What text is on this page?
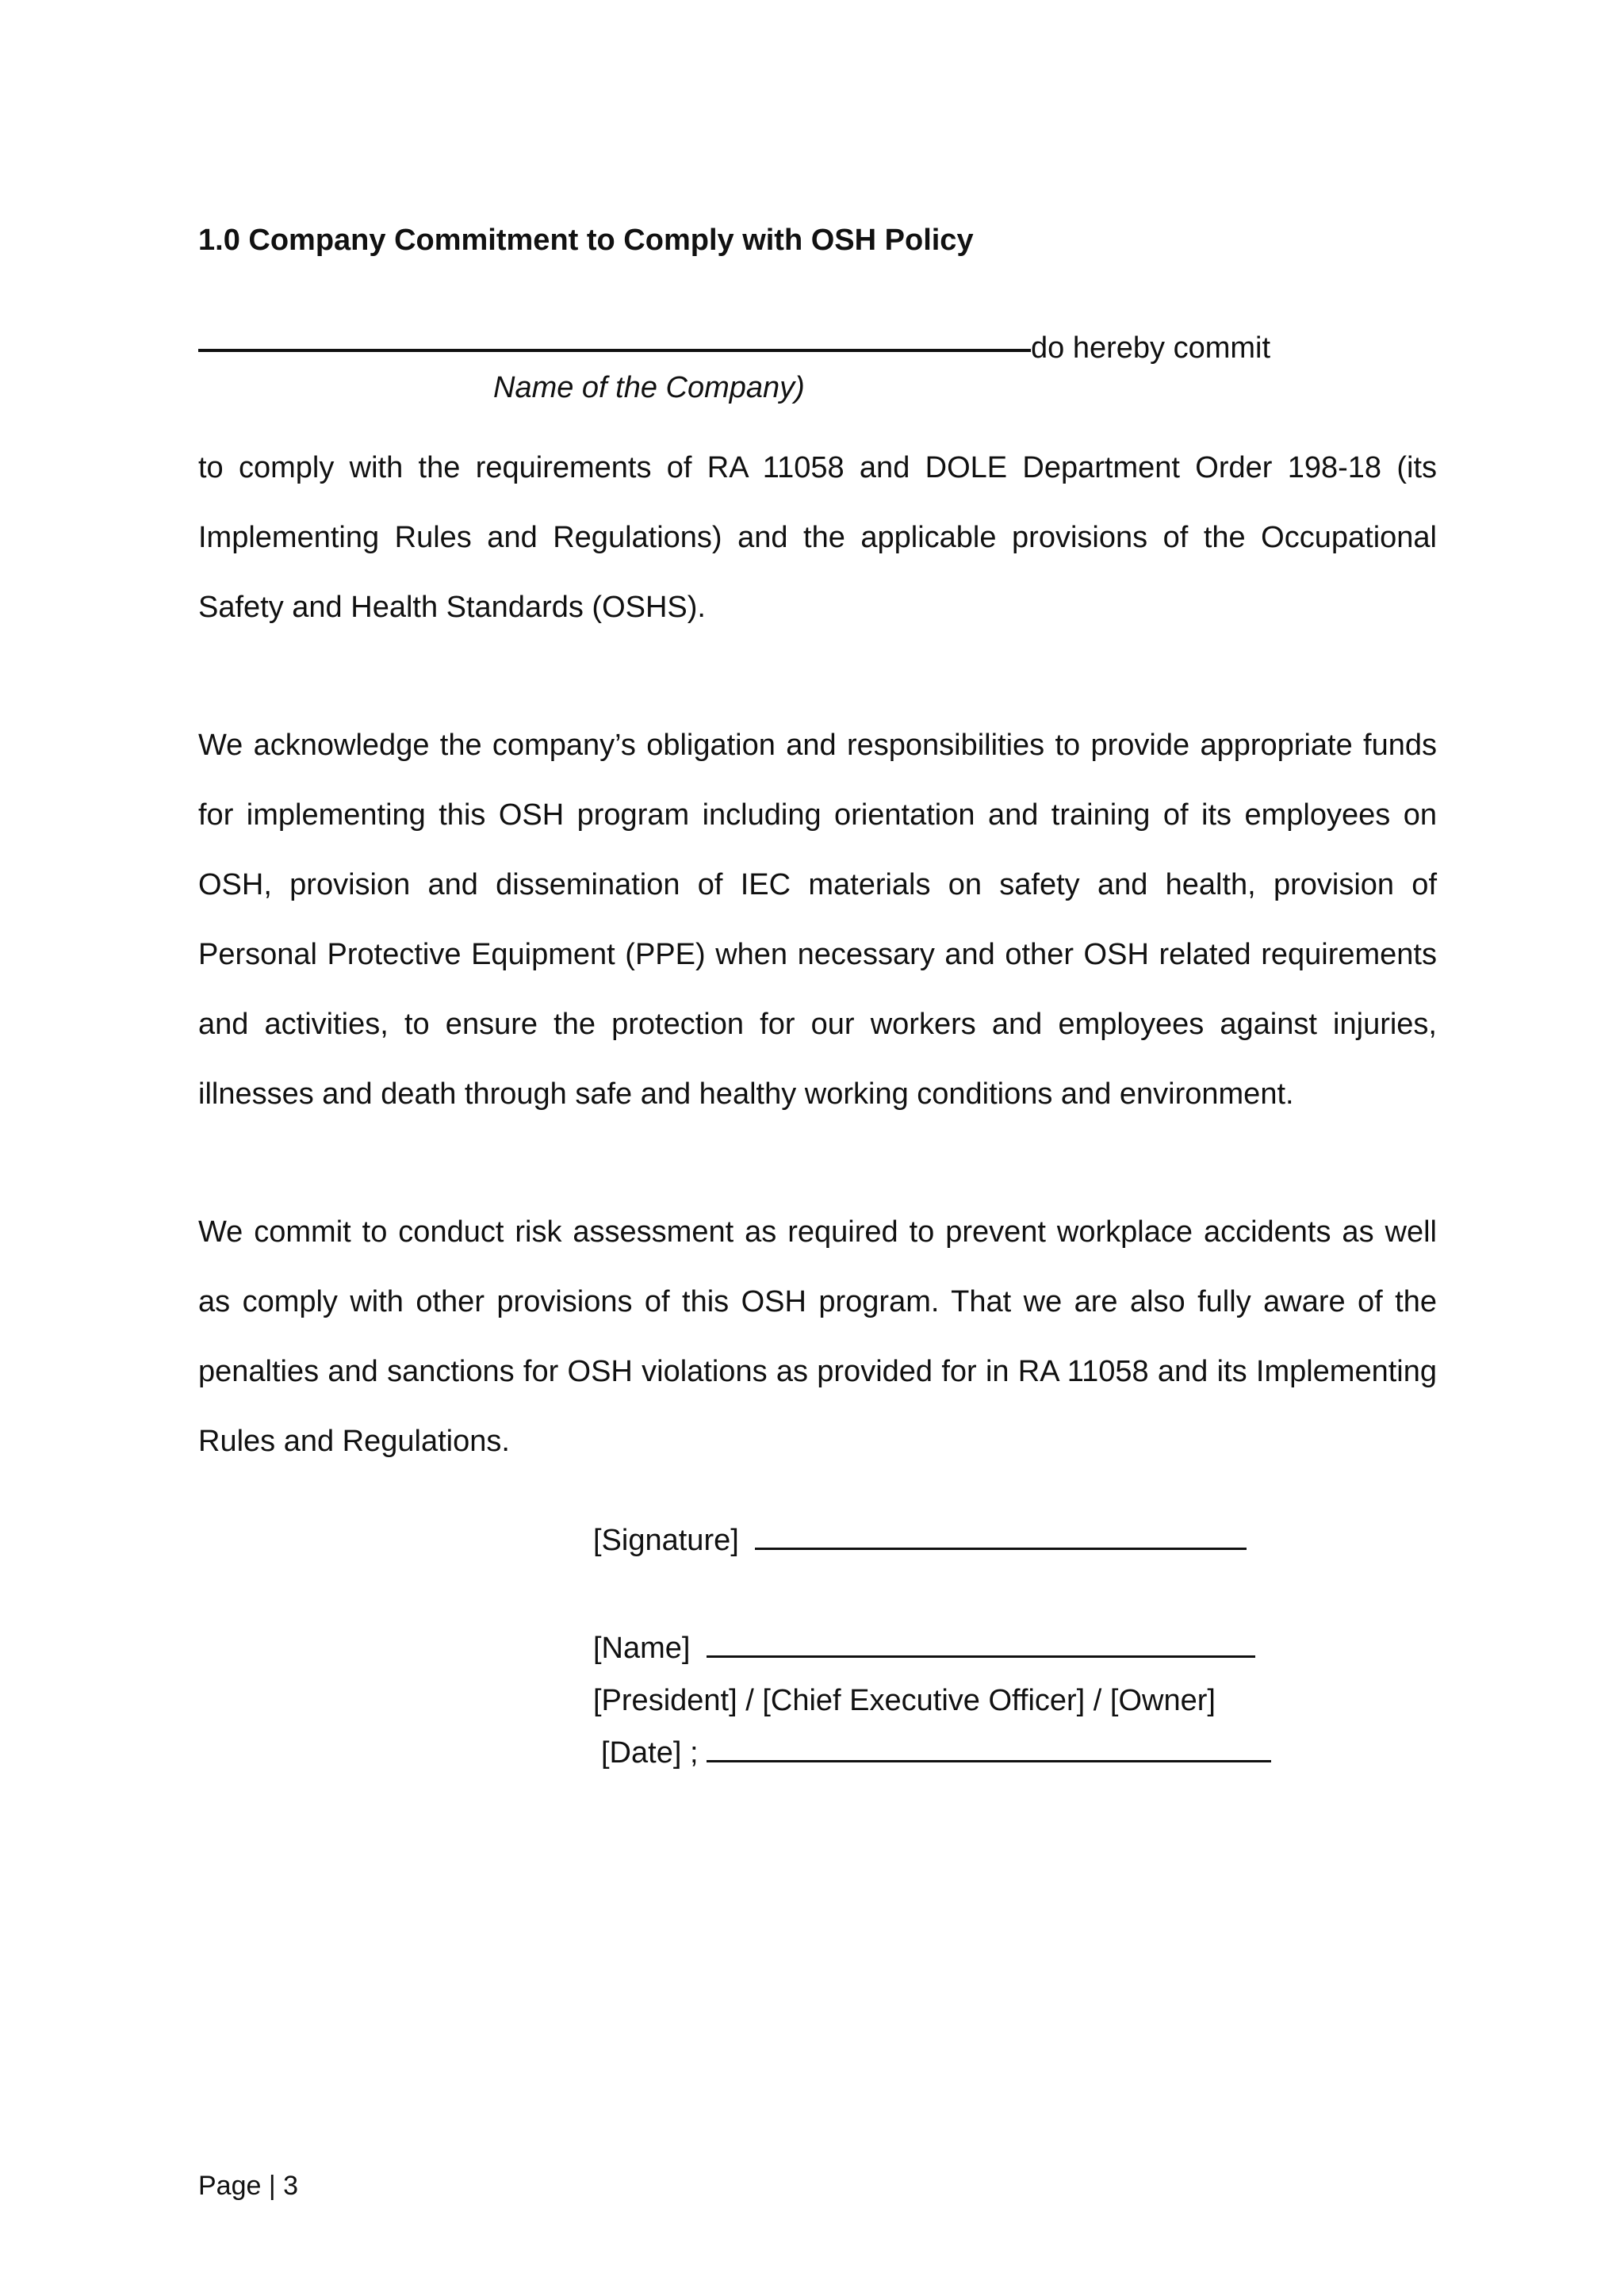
1.0 Company Commitment to Comply with OSH Policy
do hereby commit
Name of the Company)

to comply with the requirements of RA 11058 and DOLE Department Order 198-18 (its Implementing Rules and Regulations) and the applicable provisions of the Occupational Safety and Health Standards (OSHS).

We acknowledge the company’s obligation and responsibilities to provide appropriate funds for implementing this OSH program including orientation and training of its employees on OSH, provision and dissemination of IEC materials on safety and health, provision of Personal Protective Equipment (PPE) when necessary and other OSH related requirements and activities, to ensure the protection for our workers and employees against injuries, illnesses and death through safe and healthy working conditions and environment.

We commit to conduct risk assessment as required to prevent workplace accidents as well as comply with other provisions of this OSH program. That we are also fully aware of the penalties and sanctions for OSH violations as provided for in RA 11058 and its Implementing Rules and Regulations.

[Signature]
[Name]
[President] / [Chief Executive Officer] / [Owner]
[Date] ;
Page | 3
